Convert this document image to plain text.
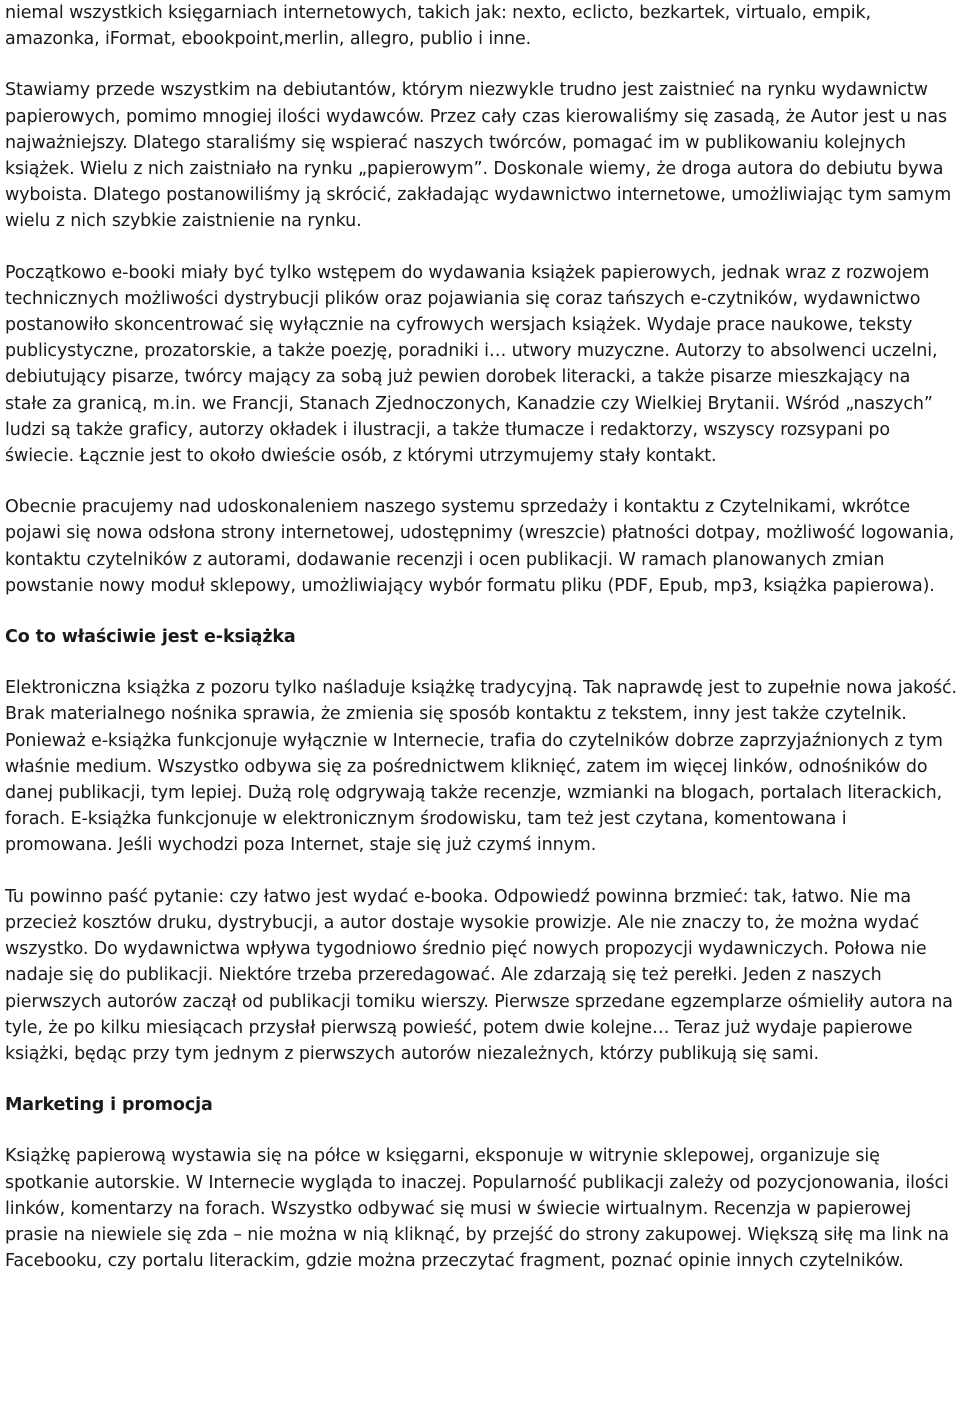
niemal wszystkich księgarniach internetowych, takich jak: nexto, eclicto, bezkartek, virtualo, empik, amazonka, iFormat, ebookpoint,merlin, allegro, publio i inne.

Stawiamy przede wszystkim na debiutantów, którym niezwykle trudno jest zaistnieć na rynku wydawnictw papierowych, pomimo mnogiej ilości wydawców. Przez cały czas kierowaliśmy się zasadą, że Autor jest u nas najważniejszy. Dlatego staraliśmy się wspierać naszych twórców, pomagać im w publikowaniu kolejnych książek. Wielu z nich zaistniało na rynku „papierowym”. Doskonale wiemy, że droga autora do debiutu bywa wyboista. Dlatego postanowiliśmy ją skrócić, zakładając wydawnictwo internetowe, umożliwiając tym samym wielu z nich szybkie zaistnienie na rynku.

Początkowo e-booki miały być tylko wstępem do wydawania książek papierowych, jednak wraz z rozwojem technicznych możliwości dystrybucji plików oraz pojawiania się coraz tańszych e-czytników, wydawnictwo postanowiło skoncentrować się wyłącznie na cyfrowych wersjach książek. Wydaje prace naukowe, teksty publicystyczne, prozatorskie, a także poezję, poradniki i… utwory muzyczne. Autorzy to absolwenci uczelni, debiutujący pisarze, twórcy mający za sobą już pewien dorobek literacki, a także pisarze mieszkający na stałe za granicą, m.in. we Francji, Stanach Zjednoczonych, Kanadzie czy Wielkiej Brytanii. Wśród „naszych” ludzi są także graficy, autorzy okładek i ilustracji, a także tłumacze i redaktorzy, wszyscy rozsypani po świecie. Łącznie jest to około dwieście osób, z którymi utrzymujemy stały kontakt.

Obecnie pracujemy nad udoskonaleniem naszego systemu sprzedaży i kontaktu z Czytelnikami, wkrótce pojawi się nowa odsłona strony internetowej, udostępnimy (wreszcie) płatności dotpay, możliwość logowania, kontaktu czytelników z autorami, dodawanie recenzji i ocen publikacji. W ramach planowanych zmian powstanie nowy moduł sklepowy, umożliwiający wybór formatu pliku (PDF, Epub, mp3, książka papierowa).

Co to właściwie jest e-książka

Elektroniczna książka z pozoru tylko naśladuje książkę tradycyjną. Tak naprawdę jest to zupełnie nowa jakość. Brak materialnego nośnika sprawia, że zmienia się sposób kontaktu z tekstem, inny jest także czytelnik. Ponieważ e-książka funkcjonuje wyłącznie w Internecie, trafia do czytelników dobrze zaprzyjaźnionych z tym właśnie medium. Wszystko odbywa się za pośrednictwem kliknięć, zatem im więcej linków, odnośników do danej publikacji, tym lepiej. Dużą rolę odgrywają także recenzje, wzmianki na blogach, portalach literackich, forach. E-książka funkcjonuje w elektronicznym środowisku, tam też jest czytana, komentowana i promowana. Jeśli wychodzi poza Internet, staje się już czymś innym.

Tu powinno paść pytanie: czy łatwo jest wydać e-booka. Odpowiedź powinna brzmieć: tak, łatwo. Nie ma przecież kosztów druku, dystrybucji, a autor dostaje wysokie prowizje. Ale nie znaczy to, że można wydać wszystko. Do wydawnictwa wpływa tygodniowo średnio pięć nowych propozycji wydawniczych. Połowa nie nadaje się do publikacji. Niektóre trzeba przeredagować. Ale zdarzają się też perełki. Jeden z naszych pierwszych autorów zaczął od publikacji tomiku wierszy. Pierwsze sprzedane egzemplarze ośmieliły autora na tyle, że po kilku miesiącach przysłał pierwszą powieść, potem dwie kolejne… Teraz już wydaje papierowe książki, będąc przy tym jednym z pierwszych autorów niezależnych, którzy publikują się sami.

Marketing i promocja

Książkę papierową wystawia się na półce w księgarni, eksponuje w witrynie sklepowej, organizuje się spotkanie autorskie. W Internecie wygląda to inaczej. Popularność publikacji zależy od pozycjonowania, ilości linków, komentarzy na forach. Wszystko odbywać się musi w świecie wirtualnym. Recenzja w papierowej prasie na niewiele się zda – nie można w nią kliknąć, by przejść do strony zakupowej. Większą siłę ma link na Facebooku, czy portalu literackim, gdzie można przeczytać fragment, poznać opinie innych czytelników.
